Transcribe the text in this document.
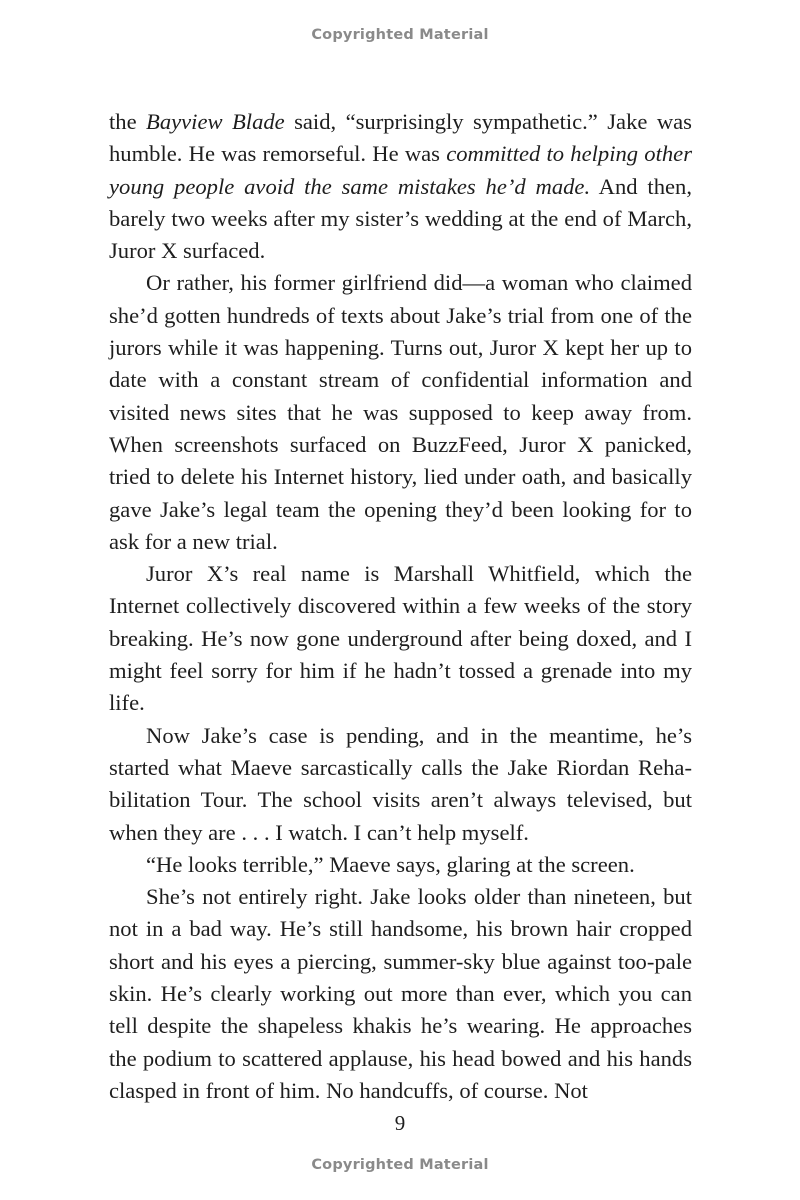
Copyrighted Material

the Bayview Blade said, “surprisingly sympathetic.” Jake was humble. He was remorseful. He was committed to helping other young people avoid the same mistakes he’d made. And then, barely two weeks after my sister’s wedding at the end of March, Juror X surfaced.

Or rather, his former girlfriend did—a woman who claimed she’d gotten hundreds of texts about Jake’s trial from one of the jurors while it was happening. Turns out, Juror X kept her up to date with a constant stream of confidential information and visited news sites that he was supposed to keep away from. When screenshots surfaced on BuzzFeed, Juror X panicked, tried to delete his Internet history, lied under oath, and basically gave Jake’s legal team the opening they’d been looking for to ask for a new trial.

Juror X’s real name is Marshall Whitfield, which the Internet collectively discovered within a few weeks of the story breaking. He’s now gone underground after being doxed, and I might feel sorry for him if he hadn’t tossed a grenade into my life.

Now Jake’s case is pending, and in the meantime, he’s started what Maeve sarcastically calls the Jake Riordan Rehabilitation Tour. The school visits aren’t always televised, but when they are . . . I watch. I can’t help myself.

“He looks terrible,” Maeve says, glaring at the screen.

She’s not entirely right. Jake looks older than nineteen, but not in a bad way. He’s still handsome, his brown hair cropped short and his eyes a piercing, summer-sky blue against too-pale skin. He’s clearly working out more than ever, which you can tell despite the shapeless khakis he’s wearing. He approaches the podium to scattered applause, his head bowed and his hands clasped in front of him. No handcuffs, of course. Not

9
Copyrighted Material
